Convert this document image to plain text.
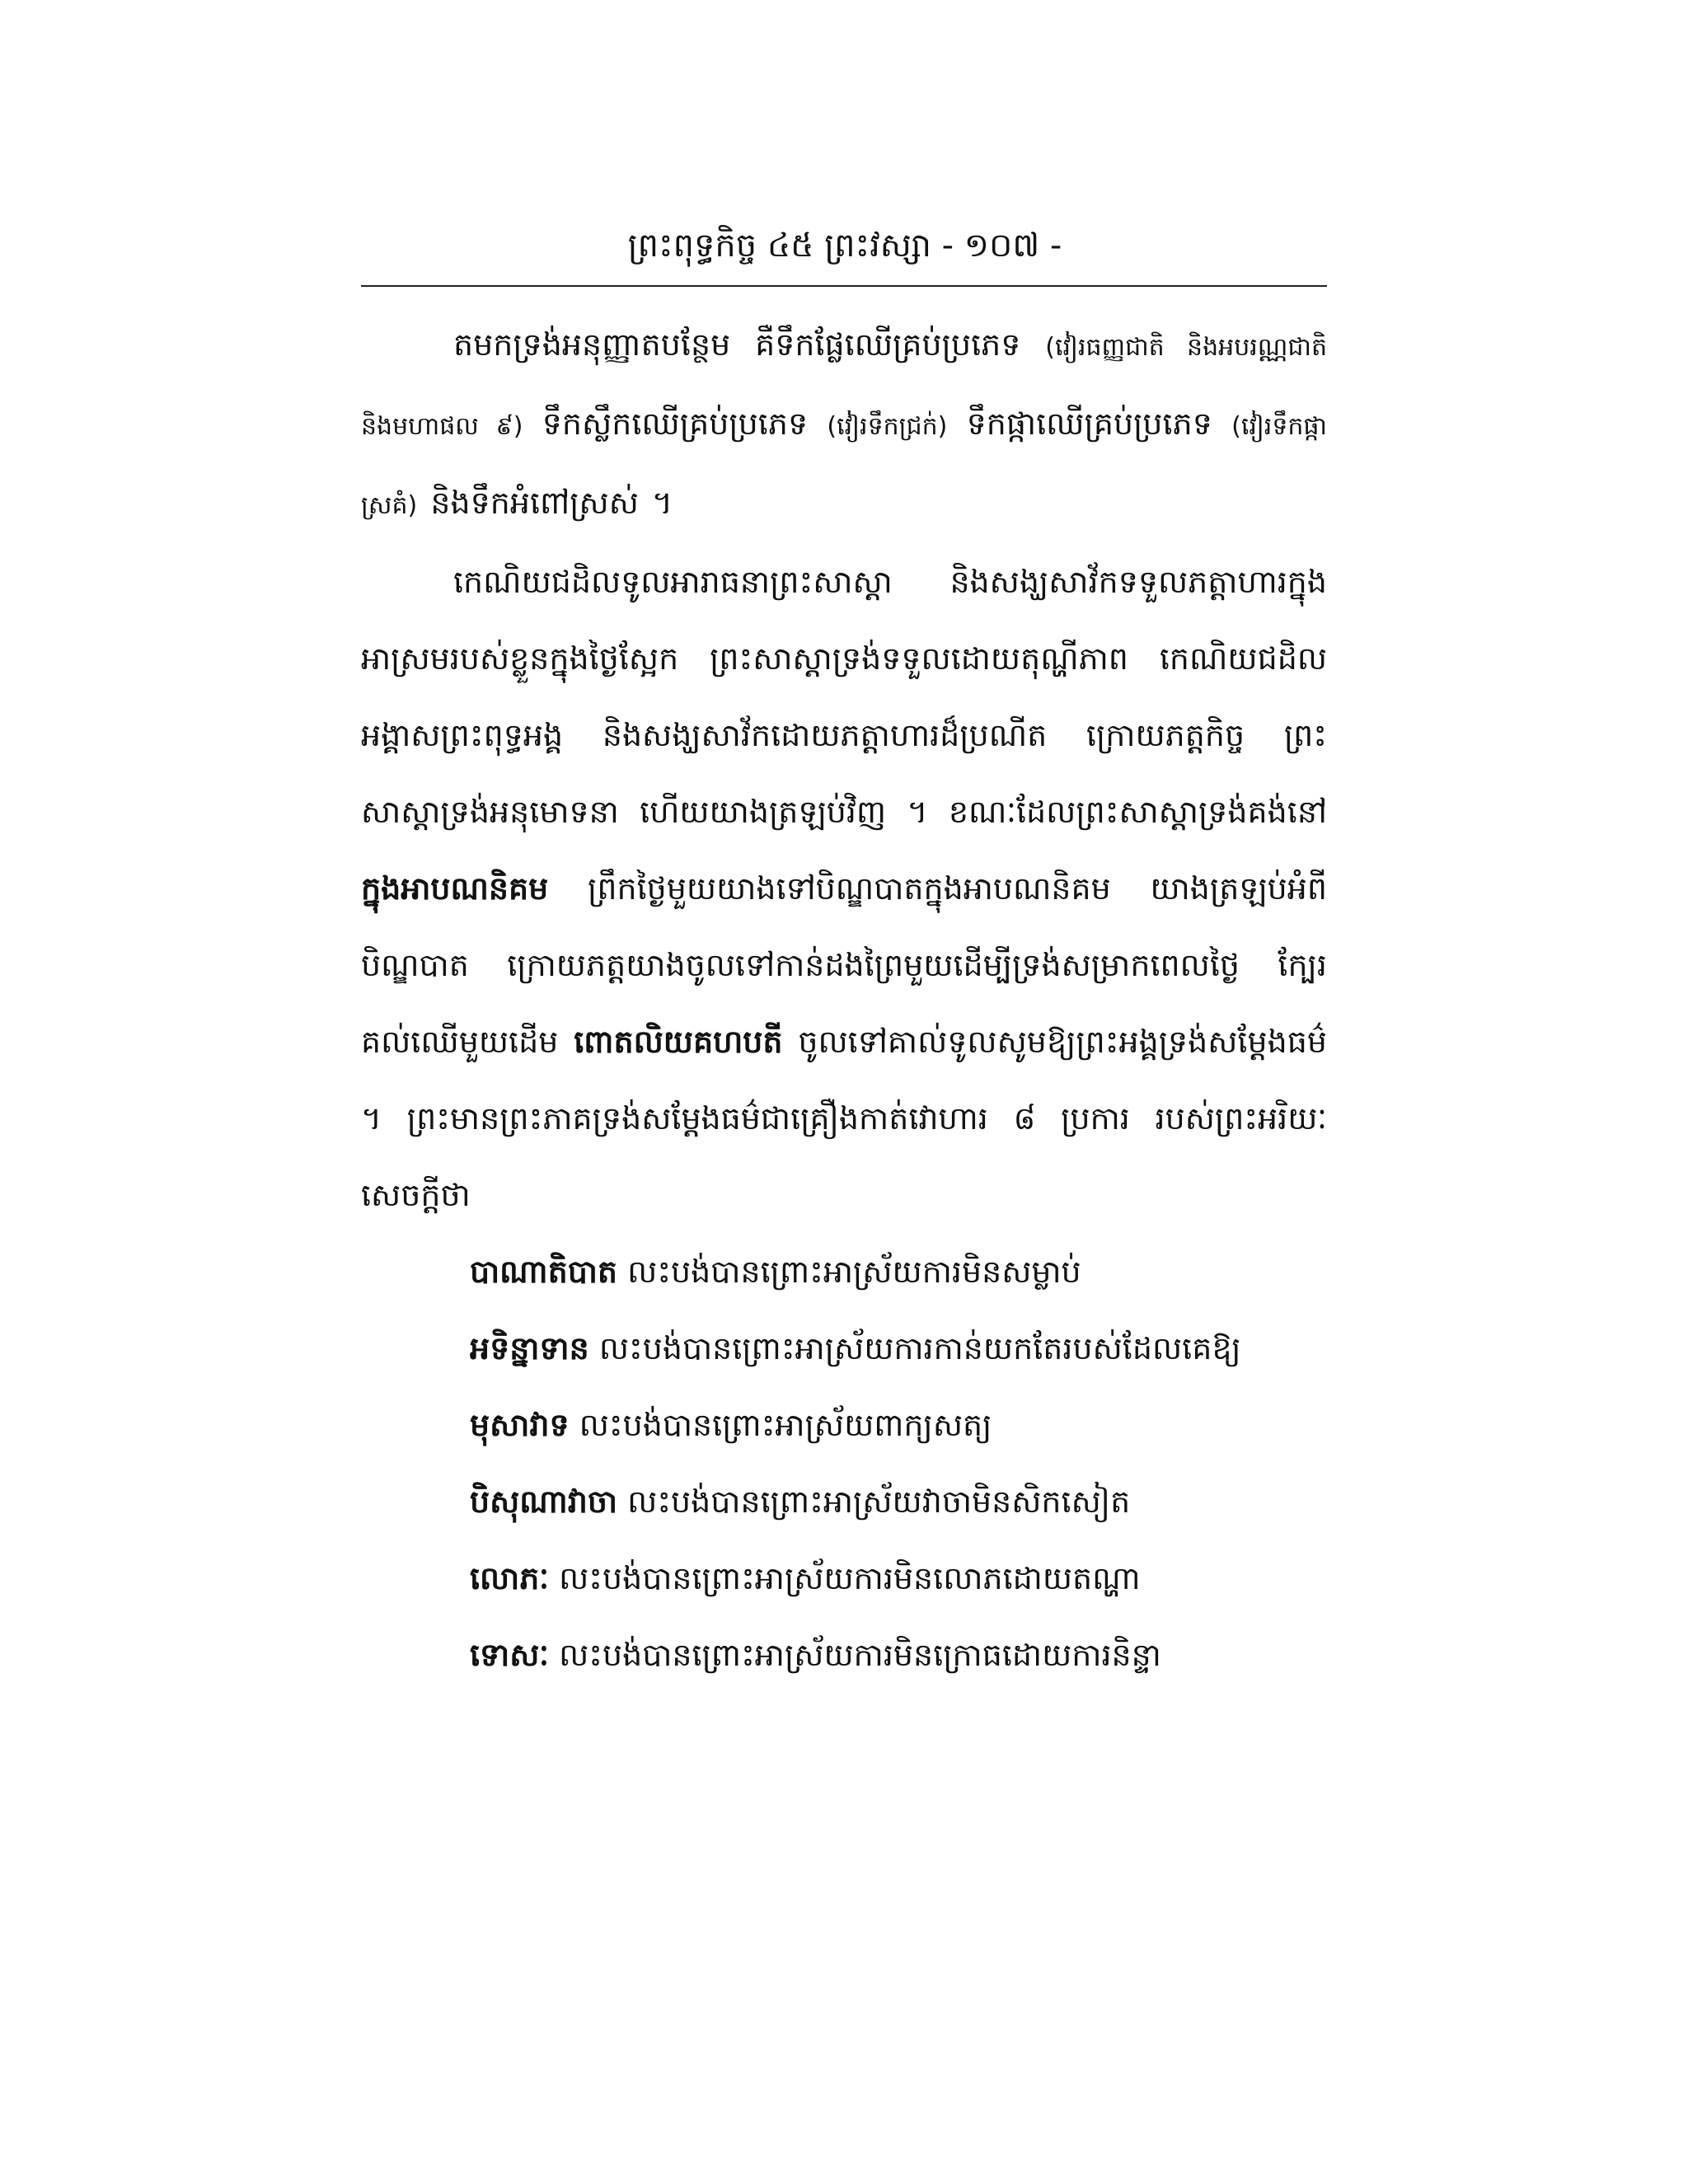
ព្រះពុទ្ធកិច្ច ៤៥ ព្រះវស្សា - ១០៧ -

តមកទ្រង់អនុញ្ញាតបន្ថែម គឺទឹកផ្លែឈើគ្រប់ប្រភេទ (វៀរធញ្ញជាតិ និងអបរណ្ណជាតិ និងមហាផល ៩) ទឹកស្លឹកឈើគ្រប់ប្រភេទ (វៀរទឹកជ្រក់) ទឹកផ្កាឈើគ្រប់ប្រភេទ (វៀរទឹកផ្កាស្រគំ) និងទឹកអំពៅស្រស់ ។

កេណិយជដិលទូលអារាធនាព្រះសាស្ដា និងសង្ឃសាវ័កទទួលភត្តាហារក្នុងអាស្រមរបស់ខ្លួនក្នុងថ្ងៃស្អែក ព្រះសាស្ដាទ្រង់ទទួលដោយតុណ្ហីភាព កេណិយជដិលអង្គាសព្រះពុទ្ធអង្គ និងសង្ឃសាវ័កដោយភត្តាហារដ៏ប្រណីត ក្រោយភត្តកិច្ច ព្រះសាស្ដាទ្រង់អនុមោទនា ហើយយាងត្រឡប់វិញ ។ ខណៈដែលព្រះសាស្ដាទ្រង់គង់នៅ ក្នុងអាបណនិគម ព្រឹកថ្ងៃមួយយាងទៅបិណ្ឌបាតក្នុងអាបណនិគម យាងត្រឡប់អំពីបិណ្ឌបាត ក្រោយភត្តយាងចូលទៅកាន់ដងព្រៃមួយដើម្បីទ្រង់សម្រាកពេលថ្ងៃ ក្បែរគល់ឈើមួយដើម ពោតលិយគហបតី ចូលទៅគាល់ទូលសូមឱ្យព្រះអង្គទ្រង់សម្ដែងធម៌ ។ ព្រះមានព្រះភាគទ្រង់សម្ដែងធម៌ជាគ្រឿងកាត់វោហារ ៨ ប្រការ របស់ព្រះអរិយៈ សេចក្ដីថា

បាណាតិបាត លះបង់បានព្រោះអាស្រ័យការមិនសម្លាប់
អទិន្នាទាន លះបង់បានព្រោះអាស្រ័យការកាន់យកតែរបស់ដែលគេឱ្យ
មុសាវាទ លះបង់បានព្រោះអាស្រ័យពាក្យសត្យ
បិសុណាវាចា លះបង់បានព្រោះអាស្រ័យវាចាមិនសិកសៀត
លោភៈ លះបង់បានព្រោះអាស្រ័យការមិនលោភដោយតណ្ហា
ទោសៈ លះបង់បានព្រោះអាស្រ័យការមិនក្រោធដោយការនិន្ទា
